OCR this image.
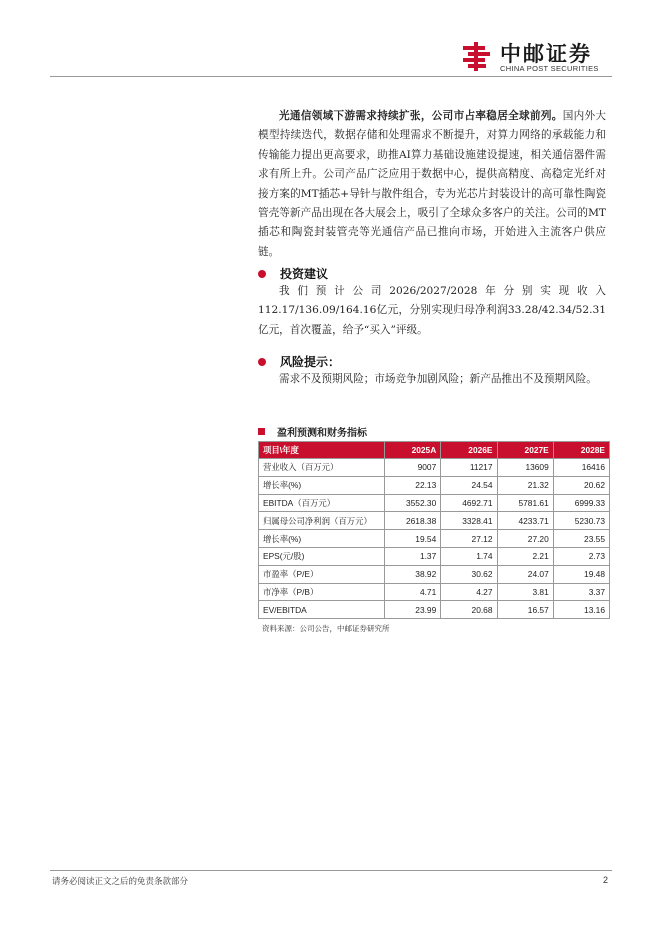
中邮证券
CHINA POST SECURITIES

光通信领域下游需求持续扩张，公司市占率稳居全球前列。国内外大模型持续迭代，数据存储和处理需求不断提升，对算力网络的承载能力和传输能力提出更高要求，助推AI算力基础设施建设提速，相关通信器件需求有所上升。公司产品广泛应用于数据中心，提供高精度、高稳定光纤对接方案的MT插芯+导针与散件组合，专为光芯片封装设计的高可靠性陶瓷管壳等新产品出现在各大展会上，吸引了全球众多客户的关注。公司的MT插芯和陶瓷封装管壳等光通信产品已推向市场，开始进入主流客户供应链。

投资建议

我们预计公司2026/2027/2028年分别实现收入112.17/136.09/164.16亿元，分别实现归母净利润33.28/42.34/52.31亿元，首次覆盖，给予“买入”评级。

风险提示：

需求不及预期风险；市场竞争加剧风险；新产品推出不及预期风险。

盈利预测和财务指标
项目\年度	2025A	2026E	2027E	2028E
营业收入（百万元）	9007	11217	13609	16416
增长率(%)	22.13	24.54	21.32	20.62
EBITDA（百万元）	3552.30	4692.71	5781.61	6999.33
归属母公司净利润（百万元）	2618.38	3328.41	4233.71	5230.73
增长率(%)	19.54	27.12	27.20	23.55
EPS(元/股)	1.37	1.74	2.21	2.73
市盈率（P/E）	38.92	30.62	24.07	19.48
市净率（P/B）	4.71	4.27	3.81	3.37
EV/EBITDA	23.99	20.68	16.57	13.16
资料来源：公司公告，中邮证券研究所
请务必阅读正文之后的免责条款部分	2
